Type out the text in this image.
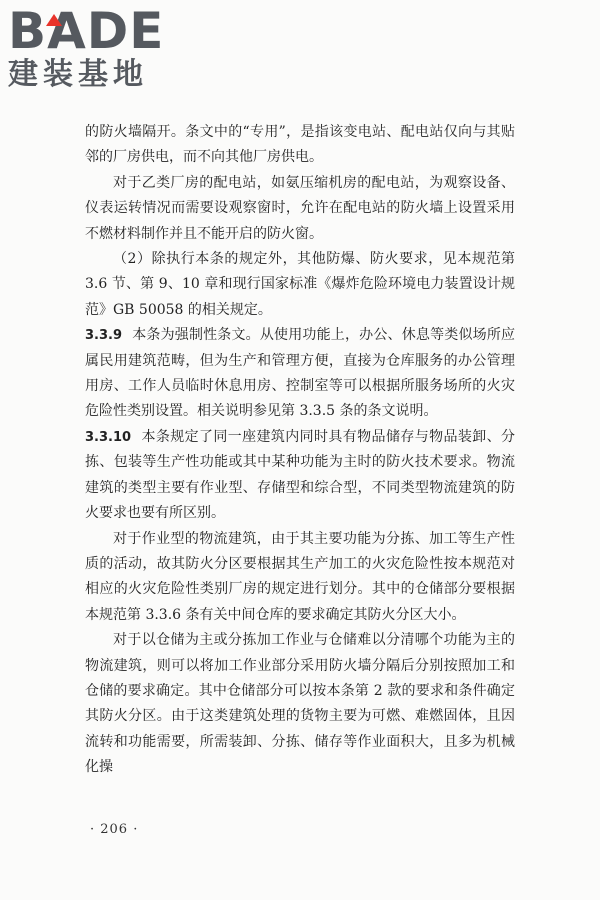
BADE
建装基地

的防火墙隔开。条文中的“专用”，是指该变电站、配电站仅向与其贴邻的厂房供电，而不向其他厂房供电。

对于乙类厂房的配电站，如氨压缩机房的配电站，为观察设备、仪表运转情况而需要设观察窗时，允许在配电站的防火墙上设置采用不燃材料制作并且不能开启的防火窗。

（2）除执行本条的规定外，其他防爆、防火要求，见本规范第 3.6 节、第 9、10 章和现行国家标准《爆炸危险环境电力装置设计规范》GB 50058 的相关规定。

3.3.9 本条为强制性条文。从使用功能上，办公、休息等类似场所应属民用建筑范畴，但为生产和管理方便，直接为仓库服务的办公管理用房、工作人员临时休息用房、控制室等可以根据所服务场所的火灾危险性类别设置。相关说明参见第 3.3.5 条的条文说明。

3.3.10 本条规定了同一座建筑内同时具有物品储存与物品装卸、分拣、包装等生产性功能或其中某种功能为主时的防火技术要求。物流建筑的类型主要有作业型、存储型和综合型，不同类型物流建筑的防火要求也要有所区别。

对于作业型的物流建筑，由于其主要功能为分拣、加工等生产性质的活动，故其防火分区要根据其生产加工的火灾危险性按本规范对相应的火灾危险性类别厂房的规定进行划分。其中的仓储部分要根据本规范第 3.3.6 条有关中间仓库的要求确定其防火分区大小。

对于以仓储为主或分拣加工作业与仓储难以分清哪个功能为主的物流建筑，则可以将加工作业部分采用防火墙分隔后分别按照加工和仓储的要求确定。其中仓储部分可以按本条第 2 款的要求和条件确定其防火分区。由于这类建筑处理的货物主要为可燃、难燃固体，且因流转和功能需要，所需装卸、分拣、储存等作业面积大，且多为机械化操

· 206 ·
